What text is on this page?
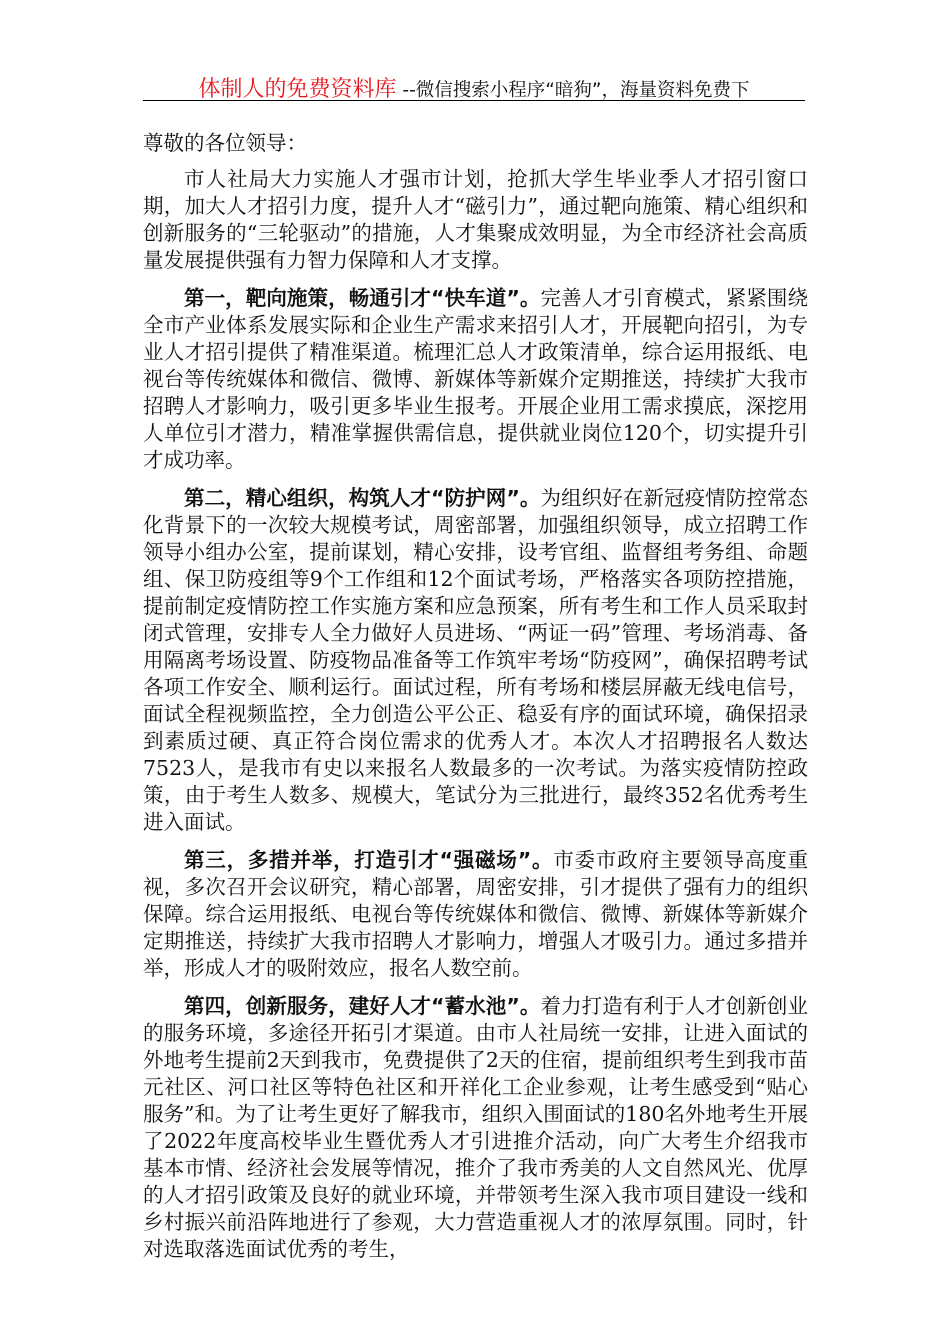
体制人的免费资料库 --微信搜索小程序“暗狗”，海量资料免费下

尊敬的各位领导：

市人社局大力实施人才强市计划，抢抓大学生毕业季人才招引窗口期，加大人才招引力度，提升人才“磁引力”，通过靶向施策、精心组织和创新服务的“三轮驱动”的措施，人才集聚成效明显，为全市经济社会高质量发展提供强有力智力保障和人才支撑。

第一，靶向施策，畅通引才“快车道”。完善人才引育模式，紧紧围绕全市产业体系发展实际和企业生产需求来招引人才，开展靶向招引，为专业人才招引提供了精准渠道。梳理汇总人才政策清单，综合运用报纸、电视台等传统媒体和微信、微博、新媒体等新媒介定期推送，持续扩大我市招聘人才影响力，吸引更多毕业生报考。开展企业用工需求摸底，深挖用人单位引才潜力，精准掌握供需信息，提供就业岗位120个，切实提升引才成功率。

第二，精心组织，构筑人才“防护网”。为组织好在新冠疫情防控常态化背景下的一次较大规模考试，周密部署，加强组织领导，成立招聘工作领导小组办公室，提前谋划，精心安排，设考官组、监督组考务组、命题组、保卫防疫组等9个工作组和12个面试考场，严格落实各项防控措施，提前制定疫情防控工作实施方案和应急预案，所有考生和工作人员采取封闭式管理，安排专人全力做好人员进场、“两证一码”管理、考场消毒、备用隔离考场设置、防疫物品准备等工作筑牢考场“防疫网”，确保招聘考试各项工作安全、顺利运行。面试过程，所有考场和楼层屏蔽无线电信号，面试全程视频监控，全力创造公平公正、稳妥有序的面试环境，确保招录到素质过硬、真正符合岗位需求的优秀人才。本次人才招聘报名人数达7523人，是我市有史以来报名人数最多的一次考试。为落实疫情防控政策，由于考生人数多、规模大，笔试分为三批进行，最终352名优秀考生进入面试。

第三，多措并举，打造引才“强磁场”。市委市政府主要领导高度重视，多次召开会议研究，精心部署，周密安排，引才提供了强有力的组织保障。综合运用报纸、电视台等传统媒体和微信、微博、新媒体等新媒介定期推送，持续扩大我市招聘人才影响力，增强人才吸引力。通过多措并举，形成人才的吸附效应，报名人数空前。

第四，创新服务，建好人才“蓄水池”。着力打造有利于人才创新创业的服务环境，多途径开拓引才渠道。由市人社局统一安排，让进入面试的外地考生提前2天到我市，免费提供了2天的住宿，提前组织考生到我市苗元社区、河口社区等特色社区和开祥化工企业参观，让考生感受到“贴心服务”和。为了让考生更好了解我市，组织入围面试的180名外地考生开展了2022年度高校毕业生暨优秀人才引进推介活动，向广大考生介绍我市基本市情、经济社会发展等情况，推介了我市秀美的人文自然风光、优厚的人才招引政策及良好的就业环境，并带领考生深入我市项目建设一线和乡村振兴前沿阵地进行了参观，大力营造重视人才的浓厚氛围。同时，针对选取落选面试优秀的考生，
